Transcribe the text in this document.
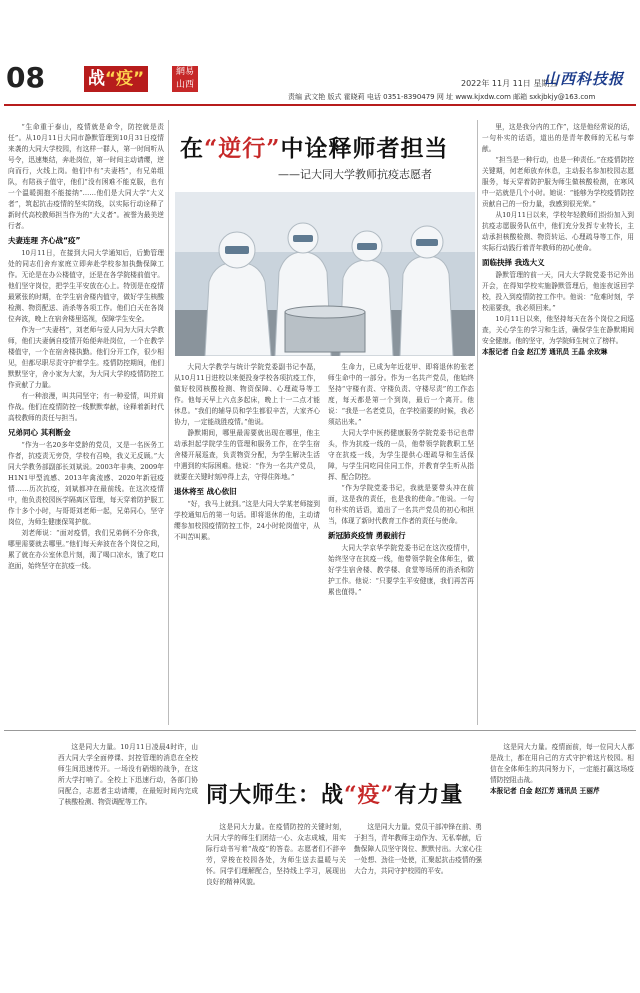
08	战“疫”	網易
山西	2022年 11月 11日 星期五
山西科技报
责编 武文艳 版式 霍晓莉 电话 0351-8390479 网 址 www.kjxdw.com 邮箱 sxkjbkjy@163.com
在“逆行”中诠释师者担当
——记大同大学教师抗疫志愿者

“生命重于泰山，疫情就是命令，防控就是责任”。从10月11日大同市静默管理到10月31日疫情来袭的大同大学校园，有这样一群人，第一时间听从号令，迅速集结，奔赴岗位，第一时间主动请缨，逆向而行，火线上岗。他们中有“夫妻档”，有兄弟组队，有陪孩子值守，他们“没有困难不能克服，也有一个温暖拥抱不能接纳”……他们是大同大学“大义者”，筑起抗击疫情的坚实防线，以实际行动诠释了新时代高校教师担当作为的“大义者”。被誉为最美逆行者。

夫妻连理 齐心战“疫”

10月11日，在接到大同大学通知后，后勤管理处的同志们舍弃家庭立即奔赴学校参加执勤保障工作。无论是在办公楼值守，还是在各学院楼前值守。他们坚守岗位，把学生平安放在心上。特别是在疫情最紧张的时期，在学生宿舍楼内值守，做好学生核酸检测、物资配送、消杀等各项工作。他们白天在各岗位奔波，晚上在宿舍楼里巡视，保障学生安全。

作为一“夫妻档”，刘老师与爱人同为大同大学教师，他们夫妻俩自疫情开始便奔赴岗位，一个在教学楼值守，一个在宿舍楼执勤。他们分开工作，很少相见，但都尽职尽责守护着学生。疫情防控期间，他们默默坚守，舍小家为大家，为大同大学的疫情防控工作贡献了力量。

有一种浪漫，叫共同坚守；有一种爱情，叫并肩作战。他们在疫情防控一线默默奉献，诠释着新时代高校教师的责任与担当。

兄弟同心 其利断金

“作为一名20多年党龄的党员，又是一名医务工作者，抗疫责无旁贷，学校有召唤，我义无反顾。”大同大学教务部副部长刘斌说。2003年非典、2009年H1N1甲型流感、2013年禽流感、2020年新冠疫情……历次抗疫，刘斌都冲在最前线。在这次疫情中，他负责校园医学隔离区管理，每天穿着防护服工作十多个小时，与哥哥刘老师一起，兄弟同心，坚守岗位，为师生健康保驾护航。

刘老师说：“面对疫情，我们兄弟俩不分你我，哪里需要就去哪里。”他们每天奔波在各个岗位之间，累了就在办公室休息片刻，渴了喝口凉水，饿了吃口泡面，始终坚守在抗疫一线。

大同大学教学与统计学院党委副书记李磊，从10月11日进校以来便投身学校各项抗疫工作，做好校园核酸检测、物资保障、心理疏导等工作。他每天早上六点多起床，晚上十一二点才能休息。“我们的辅导员和学生都很辛苦，大家齐心协力，一定能战胜疫情。”他说。

静默期间，哪里最需要就出现在哪里，他主动承担起学院学生的管理和服务工作，在学生宿舍楼开展巡查，负责物资分配，为学生解决生活中遇到的实际困难。他说：“作为一名共产党员，就要在关键时刻冲得上去，守得住阵地。”

退休将至 战心依旧

“好，我马上就到。”这是大同大学某老师接到学校通知后的第一句话。即将退休的他，主动请缨参加校园疫情防控工作，24小时轮岗值守，从不叫苦叫累。

生命力，已成为年近花甲、即将退休的张老师生命中的一部分。作为一名共产党员，他始终坚持“守楼有责、守楼负责、守楼尽责”的工作态度，每天都是第一个到岗，最后一个离开。他说：“我是一名老党员，在学校需要的时候，我必须站出来。”

大同大学中医药健康服务学院党委书记也带头，作为抗疫一线的一员，他带领学院教职工坚守在抗疫一线，为学生提供心理疏导和生活保障，与学生同吃同住同工作，并教育学生听从指挥、配合防控。

“作为学院党委书记，我就是要带头冲在前面，这是我的责任，也是我的使命。”他说。一句句朴实的话语，道出了一名共产党员的初心和担当，体现了新时代教育工作者的责任与使命。

新冠肺炎疫情 勇毅前行

大同大学京华学院党委书记在这次疫情中，始终坚守在抗疫一线，他带领学院全体师生，做好学生宿舍楼、教学楼、食堂等场所的消杀和防护工作。他说：“只要学生平安健康，我们再苦再累也值得。”

里，这是我分内的工作”，这是他经常说的话，一句朴实的话语，道出的是青年教师的无私与奉献。

“担当是一种行动，也是一种责任。”在疫情防控关键期，何老师放弃休息，主动报名参加校园志愿服务，每天穿着防护服为师生做核酸检测，在寒风中一站就是几个小时。她说：“能够为学校疫情防控贡献自己的一份力量，我感到很光荣。”

从10月11日以来，学校年轻教师们纷纷加入到抗疫志愿服务队伍中，他们充分发挥专业特长，主动承担核酸检测、物资转运、心理疏导等工作，用实际行动践行着青年教师的初心使命。

面临抉择 我选大义

静默管理的前一天，同大大学院党委书记外出开会，在得知学校实施静默管理后，他连夜返回学校，投入到疫情防控工作中。他说：“危难时刻，学校需要我，我必须回来。”

10月11日以来，他坚持每天在各个岗位之间巡查，关心学生的学习和生活，确保学生在静默期间安全健康。他的坚守，为学院师生树立了榜样。

本报记者 白金 赵江芳 通讯员 王晶 余玫琳

同大师生：战“疫”有力量

这是同大力量。10月11日凌晨4时许，山西大同大学全面停课、封控管理的消息在全校师生间迅速传开。一场没有硝烟的战争，在这所大学打响了。全校上下迅速行动，各部门协同配合，志愿者主动请缨，在最短时间内完成了核酸检测、物资调配等工作。

这是同大力量。在疫情防控的关键时刻，大同大学的师生们团结一心、众志成城，用实际行动书写着“战疫”的答卷。志愿者们不辞辛劳，穿梭在校园各处，为师生送去温暖与关怀。同学们理解配合，坚持线上学习，展现出良好的精神风貌。

这是同大力量。党员干部冲锋在前、勇于担当，青年教师主动作为、无私奉献，后勤保障人员坚守岗位、默默付出。大家心往一处想、劲往一处使，汇聚起抗击疫情的强大合力，共同守护校园的平安。

这是同大力量。疫情面前，每一位同大人都是战士，都在用自己的方式守护着这片校园。相信在全体师生的共同努力下，一定能打赢这场疫情防控阻击战。

本报记者 白金 赵江芳 通讯员 王丽芹
